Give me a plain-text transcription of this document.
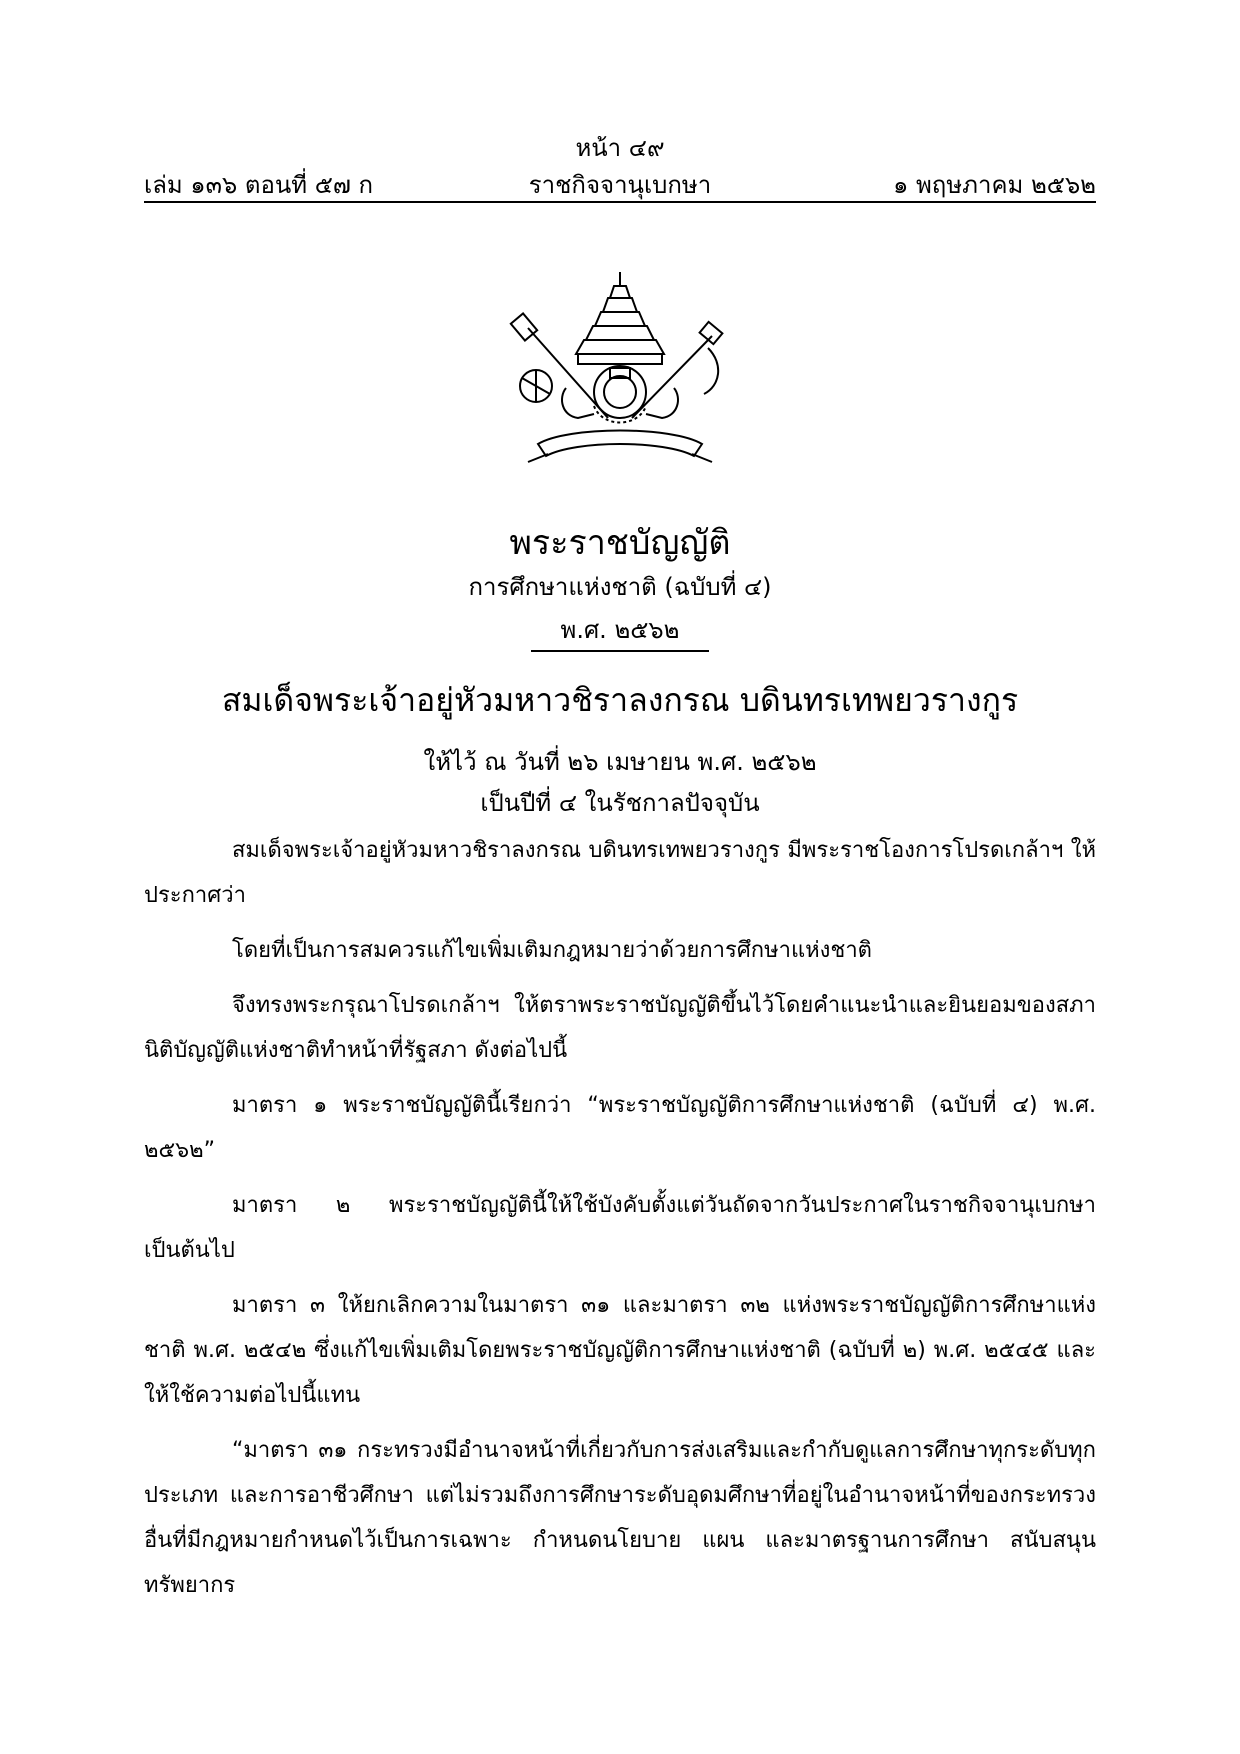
หน้า ๔๙
ราชกิจจานุเบกษา
เล่ม ๑๓๖ ตอนที่ ๕๗ ก	๑ พฤษภาคม ๒๕๖๒
พระราชบัญญัติ
การศึกษาแห่งชาติ (ฉบับที่ ๔)
พ.ศ. ๒๕๖๒
สมเด็จพระเจ้าอยู่หัวมหาวชิราลงกรณ บดินทรเทพยวรางกูร
ให้ไว้ ณ วันที่ ๒๖ เมษายน พ.ศ. ๒๕๖๒
เป็นปีที่ ๔ ในรัชกาลปัจจุบัน

สมเด็จพระเจ้าอยู่หัวมหาวชิราลงกรณ บดินทรเทพยวรางกูร มีพระราชโองการโปรดเกล้าฯ ให้ประกาศว่า

โดยที่เป็นการสมควรแก้ไขเพิ่มเติมกฎหมายว่าด้วยการศึกษาแห่งชาติ

จึงทรงพระกรุณาโปรดเกล้าฯ ให้ตราพระราชบัญญัติขึ้นไว้โดยคำแนะนำและยินยอมของสภานิติบัญญัติแห่งชาติทำหน้าที่รัฐสภา ดังต่อไปนี้

มาตรา ๑ พระราชบัญญัตินี้เรียกว่า “พระราชบัญญัติการศึกษาแห่งชาติ (ฉบับที่ ๔) พ.ศ. ๒๕๖๒”

มาตรา ๒ พระราชบัญญัตินี้ให้ใช้บังคับตั้งแต่วันถัดจากวันประกาศในราชกิจจานุเบกษาเป็นต้นไป

มาตรา ๓ ให้ยกเลิกความในมาตรา ๓๑ และมาตรา ๓๒ แห่งพระราชบัญญัติการศึกษาแห่งชาติ พ.ศ. ๒๕๔๒ ซึ่งแก้ไขเพิ่มเติมโดยพระราชบัญญัติการศึกษาแห่งชาติ (ฉบับที่ ๒) พ.ศ. ๒๕๔๕ และให้ใช้ความต่อไปนี้แทน

“มาตรา ๓๑ กระทรวงมีอำนาจหน้าที่เกี่ยวกับการส่งเสริมและกำกับดูแลการศึกษาทุกระดับทุกประเภท และการอาชีวศึกษา แต่ไม่รวมถึงการศึกษาระดับอุดมศึกษาที่อยู่ในอำนาจหน้าที่ของกระทรวงอื่นที่มีกฎหมายกำหนดไว้เป็นการเฉพาะ กำหนดนโยบาย แผน และมาตรฐานการศึกษา สนับสนุนทรัพยากร
